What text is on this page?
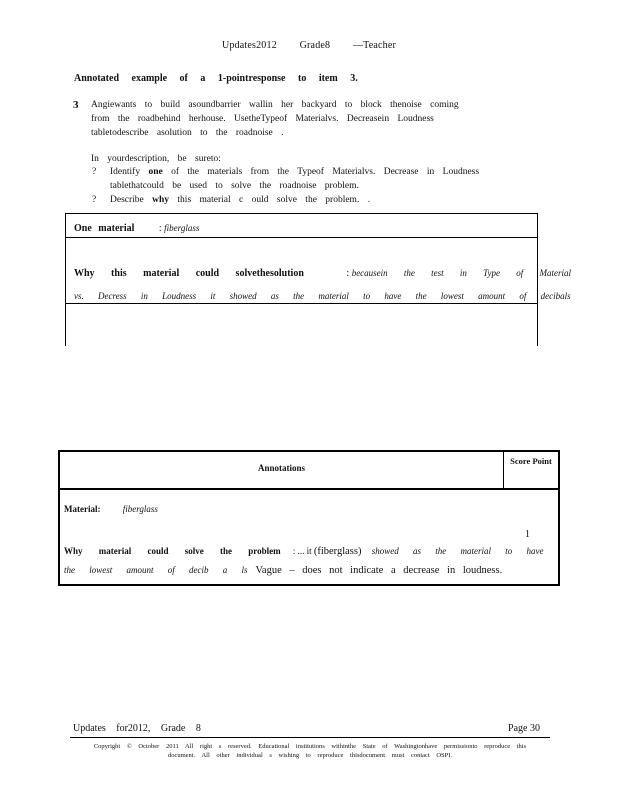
Updates2012 Grade8 —Teacher
Annotated example of a 1-pointresponse to item 3.
3 Angiewants to build asoundbarrier wallin her backyard to block thenoise coming
from the roadbehind herhouse. UsetheTypeof Materialvs. Decreasein Loudness
tabletodescribe asolution to the roadnoise .
In yourdescription, be sureto:
? Identify one of the materials from the Typeof Materialvs. Decrease in Loudness
tablethatcould be used to solve the roadnoise problem.
? Describe why this material c ould solve the problem. .
One material : fiberglass
Why this material could solvethesolution	: becausein the test in Type of Material
vs. Decress in Loudness it showed as the material to have the lowest amount of decibals
Annotations
Score Point
Material: fiberglass
1
Why material could solve the problem : ... it (fiberglass) showed as the material to have
the lowest amount of decib a ls Vague – does not indicate a decrease in loudness.
Updates for2012, Grade 8	Page 30
Copyright © October 2011 All right s reserved. Educational institutions withinthe State of Washingtonhave permissionto reproduce this
document. All other individual s wishing to reproduce thisdocument must contact OSPI.
